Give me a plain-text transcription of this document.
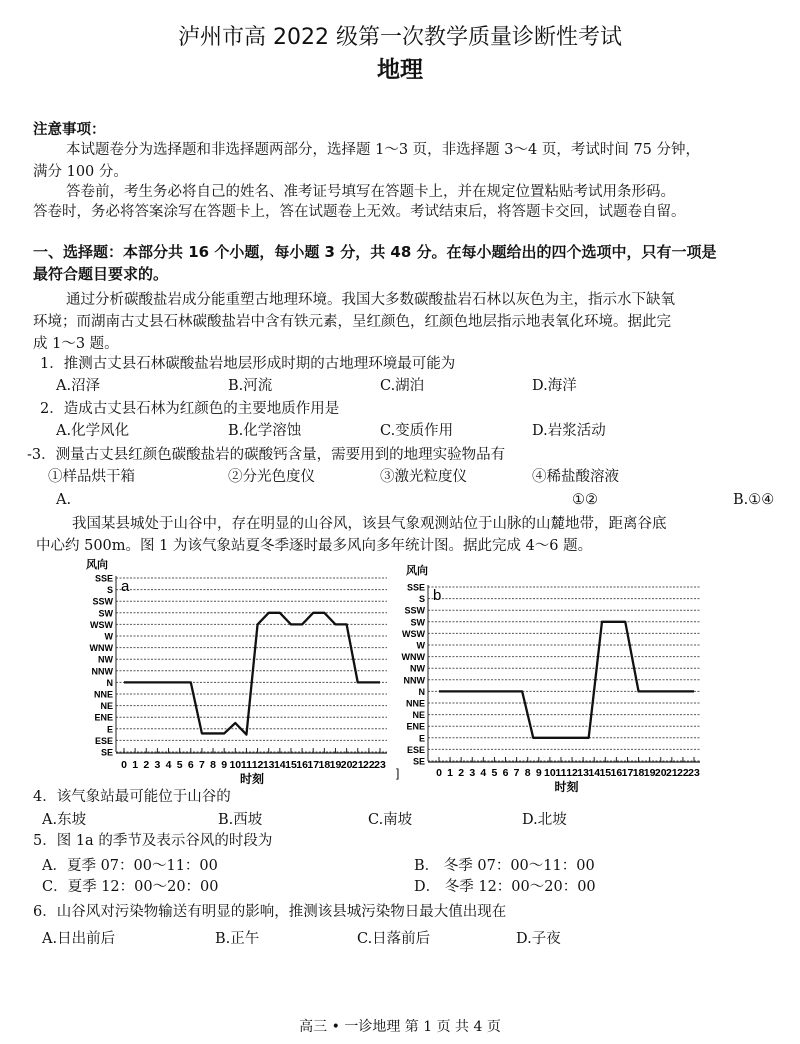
泸州市高 2022 级第一次教学质量诊断性考试
地理
注意事项：
本试题卷分为选择题和非选择题两部分，选择题 1～3 页，非选择题 3～4 页，考试时间 75 分钟，
满分 100 分。
答卷前，考生务必将自己的姓名、准考证号填写在答题卡上，并在规定位置粘贴考试用条形码。
答卷时，务必将答案涂写在答题卡上，答在试题卷上无效。考试结束后，将答题卡交回，试题卷自留。
一、选择题：本部分共 16 个小题，每小题 3 分，共 48 分。在每小题给出的四个选项中，只有一项是
最符合题目要求的。
通过分析碳酸盐岩成分能重塑古地理环境。我国大多数碳酸盐岩石林以灰色为主，指示水下缺氧
环境；而湖南古丈县石林碳酸盐岩中含有铁元素，呈红颜色，红颜色地层指示地表氧化环境。据此完
成 1～3 题。
1．推测古丈县石林碳酸盐岩地层形成时期的古地理环境最可能为
A.沼泽	B.河流	C.湖泊	D.海洋
2．造成古丈县石林为红颜色的主要地质作用是
A.化学风化	B.化学溶蚀	C.变质作用	D.岩浆活动
-3．测量古丈县红颜色碳酸盐岩的碳酸钙含量，需要用到的地理实验物品有
①样品烘干箱	②分光色度仪	③激光粒度仪	④稀盐酸溶液
A.	①②	B.①④
我国某县城处于山谷中，存在明显的山谷风，该县气象观测站位于山脉的山麓地带，距离谷底
中心约 500m。图 1 为该气象站夏冬季逐时最多风向多年统计图。据此完成 4～6 题。
风向
SE
ESE
E
ENE
NE
NNE
N
NNW
NW
WNW
W
WSW
SW
SSW
S
SSE
0 1 2 3 4 5 6 7 8 9 10 11 12 13 14 15 16 17 18 19 20 21 22 23
时刻
a
风向
SE
ESE
E
ENE
NE
NNE
N
NNW
NW
WNW
W
WSW
SW
SSW
S
SSE
0 1 2 3 4 5 6 7 8 9 10 11 12 13 14 15 16 17 18 19 20 21 22 23
时刻
b
]
4．该气象站最可能位于山谷的
A.东坡	B.西坡	C.南坡	D.北坡
5．图 1a 的季节及表示谷风的时段为
A．夏季 07：00～11：00	B． 冬季 07：00～11：00
C．夏季 12：00～20：00	D． 冬季 12：00～20：00
6．山谷风对污染物输送有明显的影响，推测该县城污染物日最大值出现在
A.日出前后	B.正午	C.日落前后	D.子夜
高三 • 一诊地理 第 1 页 共 4 页
